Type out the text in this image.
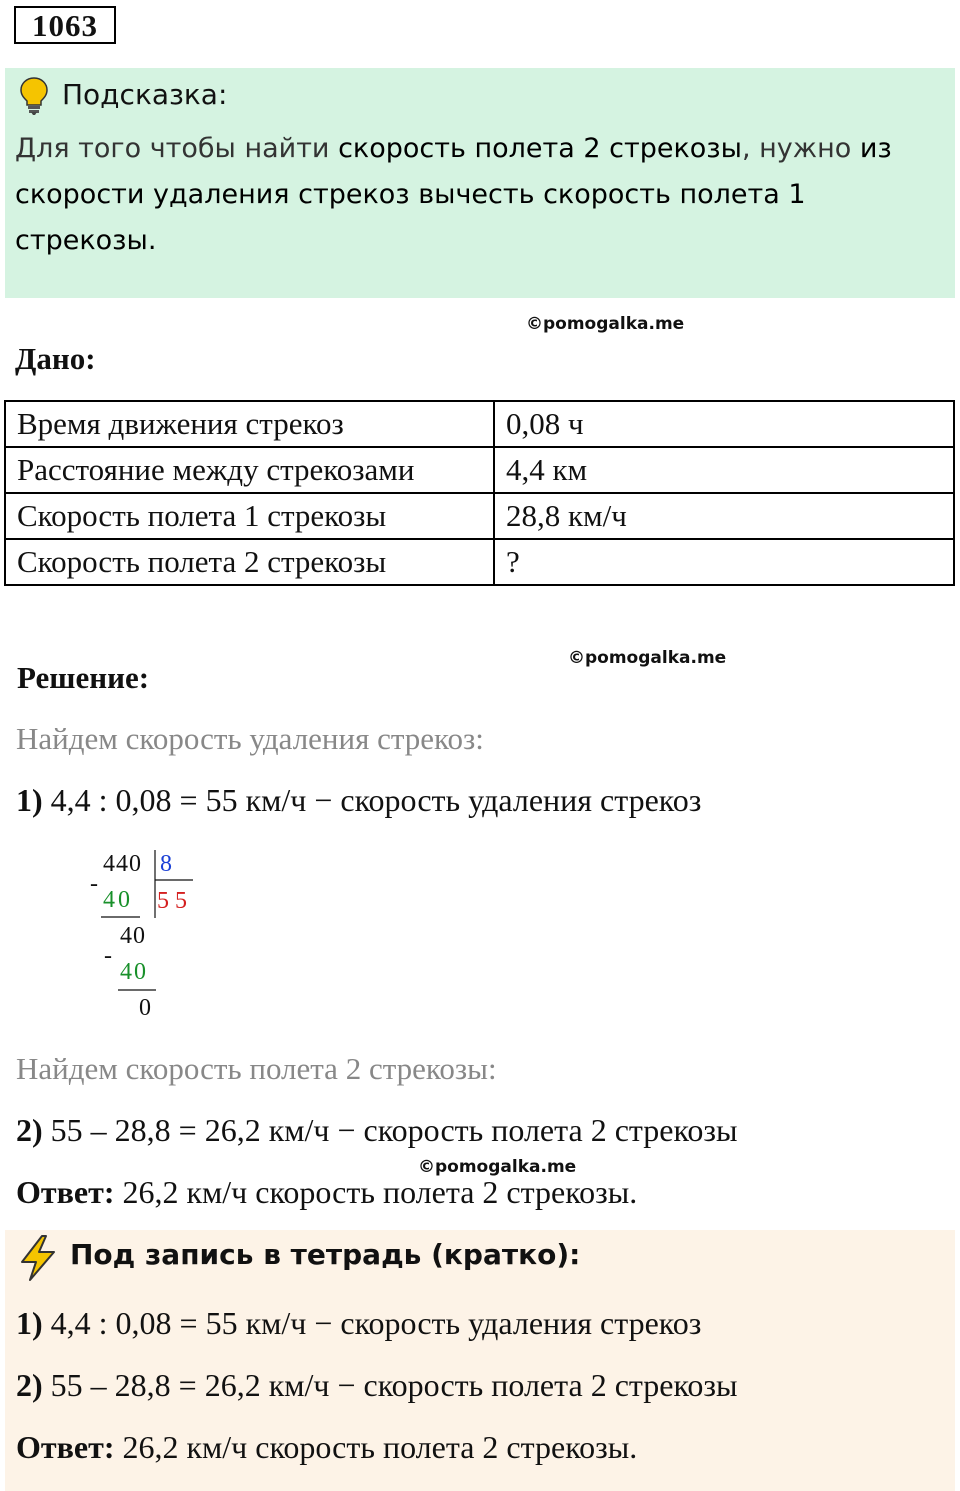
1063
Подсказка:
Для того чтобы найти скорость полета 2 стрекозы, нужно из скорости удаления стрекоз вычесть скорость полета 1 стрекозы.
©pomogalka.me
Дано:
Время движения стрекоз	0,08 ч
Расстояние между стрекозами	4,4 км
Скорость полета 1 стрекозы	28,8 км/ч
Скорость полета 2 стрекозы	?
Решение:
©pomogalka.me
Найдем скорость удаления стрекоз:
1) 4,4 : 0,08 = 55 км/ч − скорость удаления стрекоз
440 8
-
40 55
40
-
40
0
Найдем скорость полета 2 стрекозы:
2) 55 – 28,8 = 26,2 км/ч − скорость полета 2 стрекозы
©pomogalka.me
Ответ: 26,2 км/ч скорость полета 2 стрекозы.
Под запись в тетрадь (кратко):
1) 4,4 : 0,08 = 55 км/ч − скорость удаления стрекоз
2) 55 – 28,8 = 26,2 км/ч − скорость полета 2 стрекозы
Ответ: 26,2 км/ч скорость полета 2 стрекозы.
